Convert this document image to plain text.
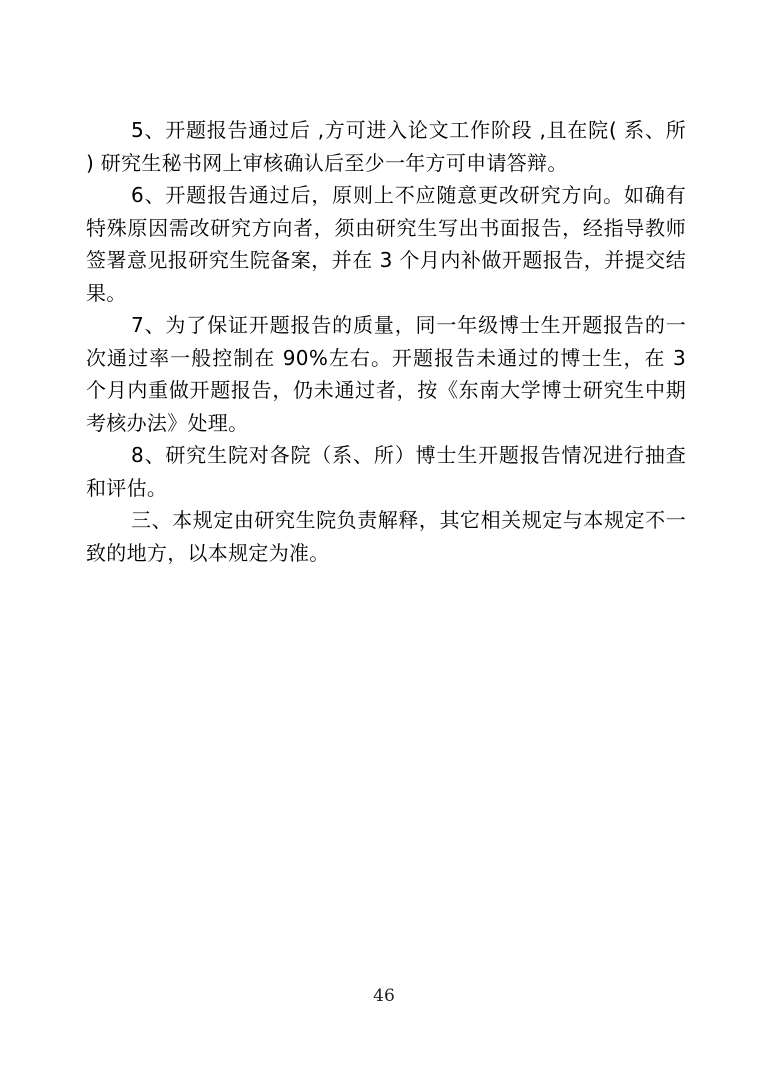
5、开题报告通过后 ,方可进入论文工作阶段 ,且在院( 系、所 ) 研究生秘书网上审核确认后至少一年方可申请答辩。

6、开题报告通过后，原则上不应随意更改研究方向。如确有特殊原因需改研究方向者，须由研究生写出书面报告，经指导教师签署意见报研究生院备案，并在 3 个月内补做开题报告，并提交结果。

7、为了保证开题报告的质量，同一年级博士生开题报告的一次通过率一般控制在 90%左右。开题报告未通过的博士生，在 3 个月内重做开题报告，仍未通过者，按《东南大学博士研究生中期考核办法》处理。

8、研究生院对各院（系、所）博士生开题报告情况进行抽查和评估。

三、本规定由研究生院负责解释，其它相关规定与本规定不一致的地方，以本规定为准。

46
